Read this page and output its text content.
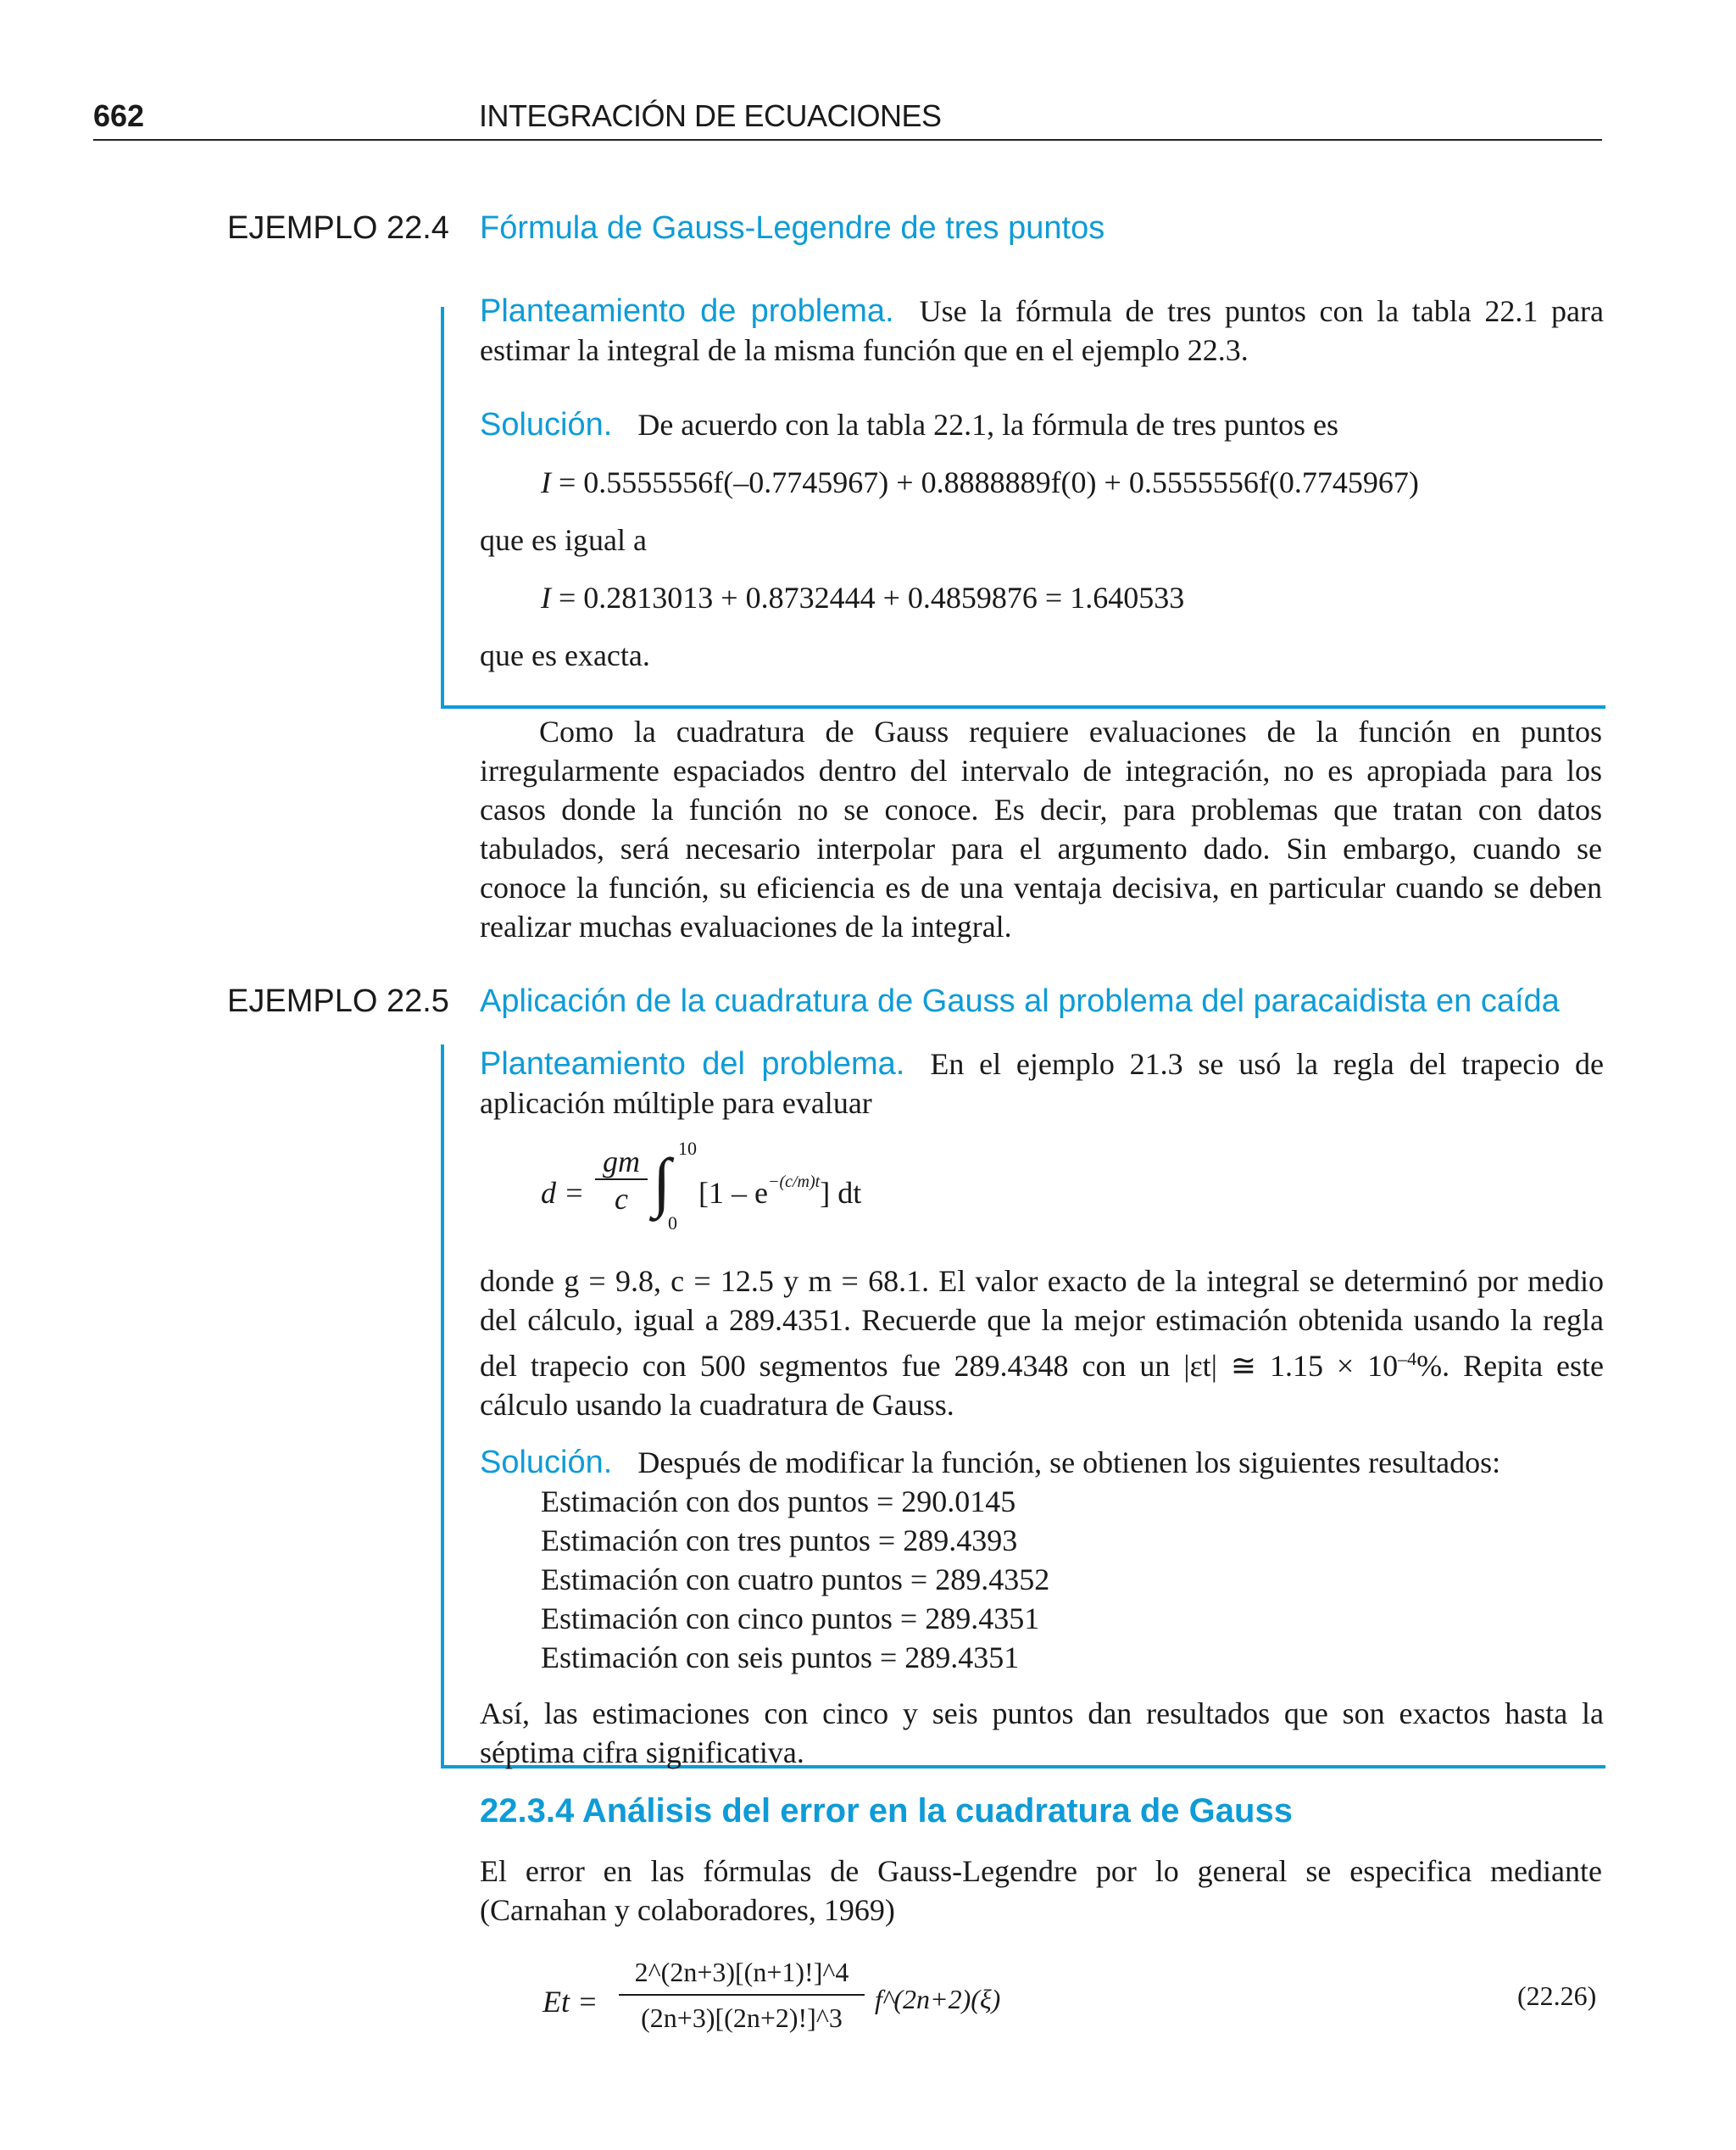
662	INTEGRACIÓN DE ECUACIONES
EJEMPLO 22.4 Fórmula de Gauss-Legendre de tres puntos

Planteamiento de problema. Use la fórmula de tres puntos con la tabla 22.1 para estimar la integral de la misma función que en el ejemplo 22.3.

Solución. De acuerdo con la tabla 22.1, la fórmula de tres puntos es

I = 0.5555556f(–0.7745967) + 0.8888889f(0) + 0.5555556f(0.7745967)

que es igual a

I = 0.2813013 + 0.8732444 + 0.4859876 = 1.640533

que es exacta.

Como la cuadratura de Gauss requiere evaluaciones de la función en puntos irregularmente espaciados dentro del intervalo de integración, no es apropiada para los casos donde la función no se conoce. Es decir, para problemas que tratan con datos tabulados, será necesario interpolar para el argumento dado. Sin embargo, cuando se conoce la función, su eficiencia es de una ventaja decisiva, en particular cuando se deben realizar muchas evaluaciones de la integral.

EJEMPLO 22.5 Aplicación de la cuadratura de Gauss al problema del paracaidista en caída

Planteamiento del problema. En el ejemplo 21.3 se usó la regla del trapecio de aplicación múltiple para evaluar

d =
gm
c ∫ 10
0
$[1 - e^{-(c/m)t}]$ dt

donde g = 9.8, c = 12.5 y m = 68.1. El valor exacto de la integral se determinó por medio del cálculo, igual a 289.4351. Recuerde que la mejor estimación obtenida usando la regla del trapecio con 500 segmentos fue 289.4348 con un |εt| ≅ $1.15 \times 10^{-4}\%$. Repita este cálculo usando la cuadratura de Gauss.

Solución. Después de modificar la función, se obtienen los siguientes resultados:

Estimación con dos puntos = 290.0145
Estimación con tres puntos = 289.4393
Estimación con cuatro puntos = 289.4352
Estimación con cinco puntos = 289.4351
Estimación con seis puntos = 289.4351

Así, las estimaciones con cinco y seis puntos dan resultados que son exactos hasta la séptima cifra significativa.

22.3.4 Análisis del error en la cuadratura de Gauss

El error en las fórmulas de Gauss-Legendre por lo general se especifica mediante (Carnahan y colaboradores, 1969)

Et =
2^(2n+3)[(n+1)!]^4
(2n+3)[(2n+2)!]^3
f^(2n+2)(ξ)	(22.26)
